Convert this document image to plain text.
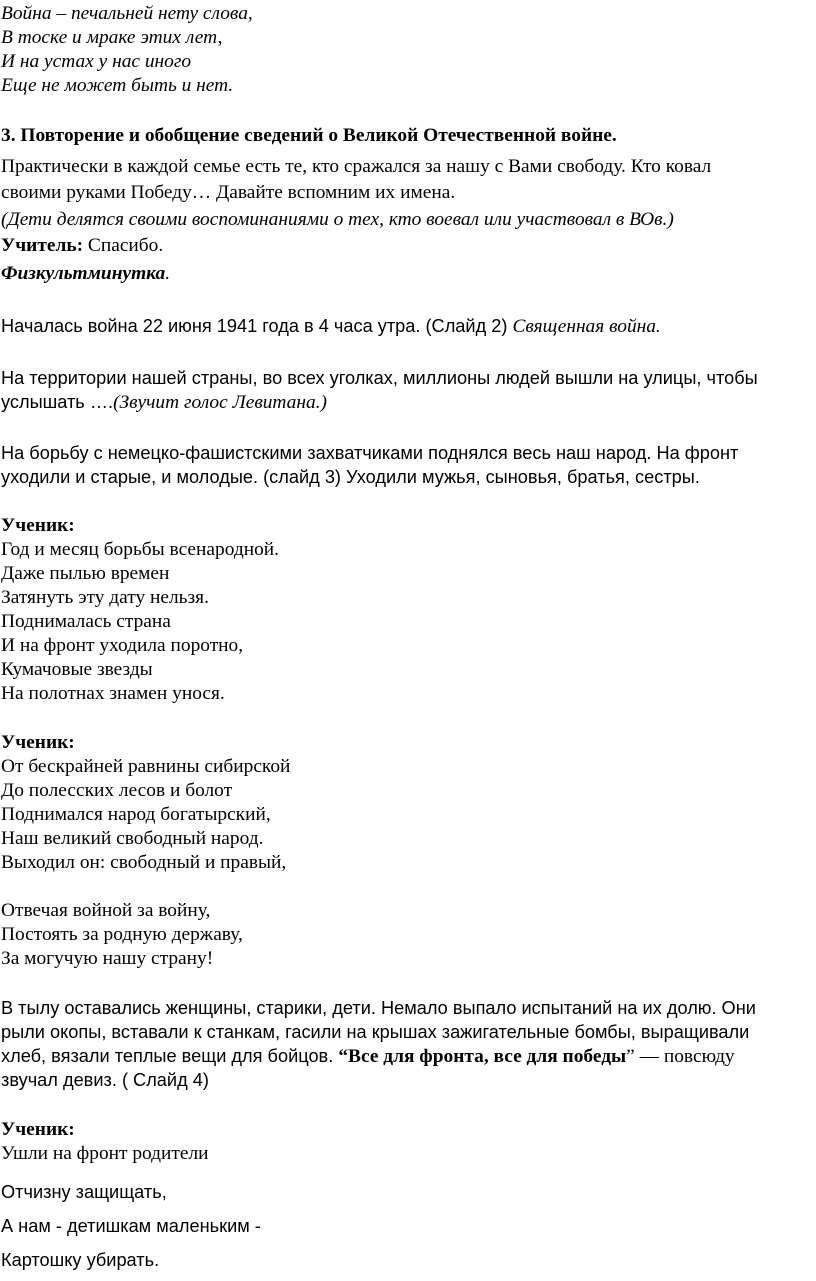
Война – печальней нету слова,
В тоске и мраке этих лет,
И на устах у нас иного
Еще не может быть и нет.
3. Повторение и обобщение сведений о Великой Отечественной войне.
Практически в каждой семье есть те, кто сражался за нашу с Вами свободу. Кто ковал
своими руками Победу… Давайте вспомним их имена.
(Дети делятся своими воспоминаниями о тех, кто воевал или участвовал в ВОв.)
Учитель: Спасибо.
Физкультминутка.
Началась война 22 июня 1941 года в 4 часа утра. (Слайд 2) Священная война.
На территории нашей страны, во всех уголках, миллионы людей вышли на улицы, чтобы
услышать ….(Звучит голос Левитана.)
На борьбу с немецко-фашистскими захватчиками поднялся весь наш народ. На фронт
уходили и старые, и молодые. (слайд 3) Уходили мужья, сыновья, братья, сестры.
Ученик:
Год и месяц борьбы всенародной.
Даже пылью времен
Затянуть эту дату нельзя.
Поднималась страна
И на фронт уходила поротно,
Кумачовые звезды
На полотнах знамен унося.
Ученик:
От бескрайней равнины сибирской
До полесских лесов и болот
Поднимался народ богатырский,
Наш великий свободный народ.
Выходил он: свободный и правый,
Отвечая войной за войну,
Постоять за родную державу,
За могучую нашу страну!
В тылу оставались женщины, старики, дети. Немало выпало испытаний на их долю. Они
рыли окопы, вставали к станкам, гасили на крышах зажигательные бомбы, выращивали
хлеб, вязали теплые вещи для бойцов. “Все для фронта, все для победы” — повсюду
звучал девиз. ( Слайд 4)
Ученик:
Ушли на фронт родители
Отчизну защищать,
А нам - детишкам маленьким -
Картошку убирать.
